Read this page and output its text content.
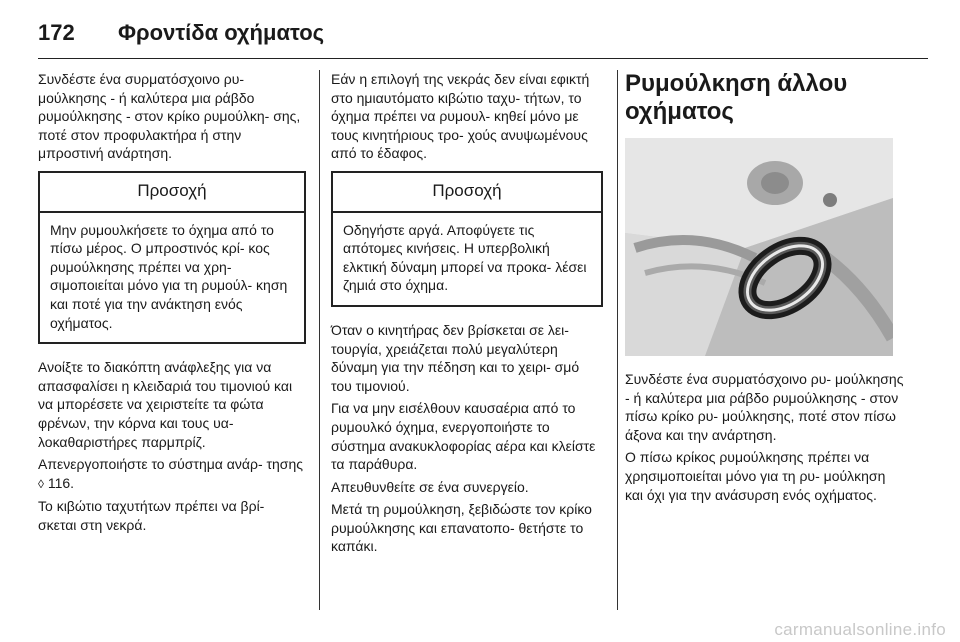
172 Φροντίδα οχήματος

Συνδέστε ένα συρματόσχοινο ρυ- μούλκησης - ή καλύτερα μια ράβδο ρυμούλκησης - στον κρίκο ρυμούλκη- σης, ποτέ στον προφυλακτήρα ή στην μπροστινή ανάρτηση.

Προσοχή
Μην ρυμουλκήσετε το όχημα από το πίσω μέρος. Ο μπροστινός κρί- κος ρυμούλκησης πρέπει να χρη- σιμοποιείται μόνο για τη ρυμούλ- κηση και ποτέ για την ανάκτηση ενός οχήματος.

Ανοίξτε το διακόπτη ανάφλεξης για να απασφαλίσει η κλειδαριά του τιμονιού και να μπορέσετε να χειριστείτε τα φώτα φρένων, την κόρνα και τους υα- λοκαθαριστήρες παρμπρίζ.

Απενεργοποιήστε το σύστημα ανάρ- τησης ◊ 116.

Το κιβώτιο ταχυτήτων πρέπει να βρί- σκεται στη νεκρά.

Εάν η επιλογή της νεκράς δεν είναι εφικτή στο ημιαυτόματο κιβώτιο ταχυ- τήτων, το όχημα πρέπει να ρυμουλ- κηθεί μόνο με τους κινητήριους τρο- χούς ανυψωμένους από το έδαφος.

Προσοχή
Οδηγήστε αργά. Αποφύγετε τις απότομες κινήσεις. Η υπερβολική ελκτική δύναμη μπορεί να προκα- λέσει ζημιά στο όχημα.

Όταν ο κινητήρας δεν βρίσκεται σε λει- τουργία, χρειάζεται πολύ μεγαλύτερη δύναμη για την πέδηση και το χειρι- σμό του τιμονιού.

Για να μην εισέλθουν καυσαέρια από το ρυμουλκό όχημα, ενεργοποιήστε το σύστημα ανακυκλοφορίας αέρα και κλείστε τα παράθυρα.

Απευθυνθείτε σε ένα συνεργείο.

Μετά τη ρυμούλκηση, ξεβιδώστε τον κρίκο ρυμούλκησης και επανατοπο- θετήστε το καπάκι.

Ρυμούλκηση άλλου οχήματος

Συνδέστε ένα συρματόσχοινο ρυ- μούλκησης - ή καλύτερα μια ράβδο ρυμούλκησης - στον πίσω κρίκο ρυ- μούλκησης, ποτέ στον πίσω άξονα και την ανάρτηση.

Ο πίσω κρίκος ρυμούλκησης πρέπει να χρησιμοποιείται μόνο για τη ρυ- μούλκηση και όχι για την ανάσυρση ενός οχήματος.

carmanualsonline.info
